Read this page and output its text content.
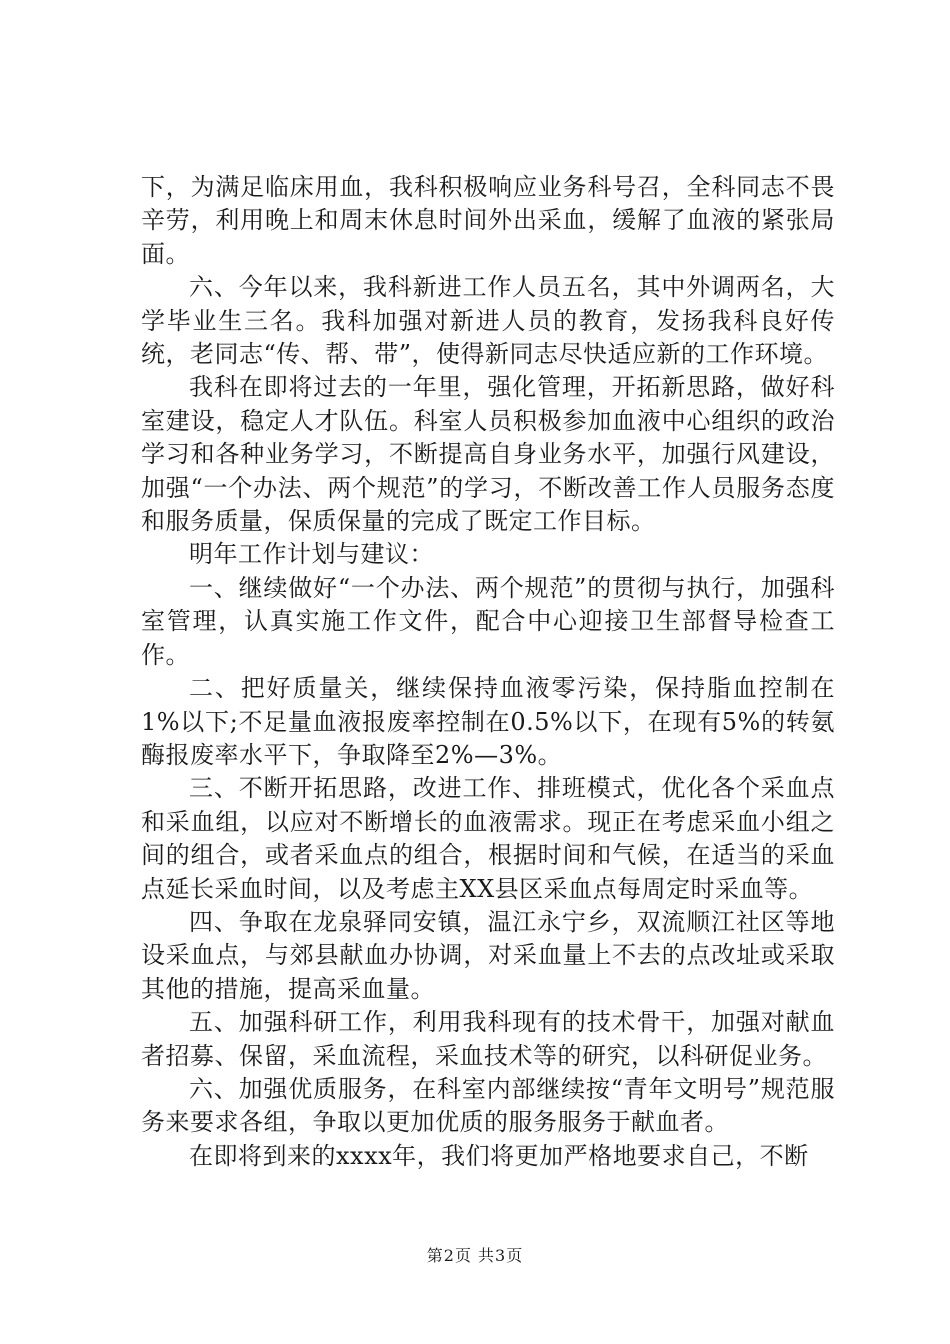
下，为满足临床用血，我科积极响应业务科号召，全科同志不畏辛劳，利用晚上和周末休息时间外出采血，缓解了血液的紧张局面。

六、今年以来，我科新进工作人员五名，其中外调两名，大学毕业生三名。我科加强对新进人员的教育，发扬我科良好传统，老同志“传、帮、带”，使得新同志尽快适应新的工作环境。

我科在即将过去的一年里，强化管理，开拓新思路，做好科室建设，稳定人才队伍。科室人员积极参加血液中心组织的政治学习和各种业务学习，不断提高自身业务水平，加强行风建设，加强“一个办法、两个规范”的学习，不断改善工作人员服务态度和服务质量，保质保量的完成了既定工作目标。

明年工作计划与建议：

一、继续做好“一个办法、两个规范”的贯彻与执行，加强科室管理，认真实施工作文件，配合中心迎接卫生部督导检查工作。

二、把好质量关，继续保持血液零污染，保持脂血控制在1%以下;不足量血液报废率控制在0.5%以下，在现有5%的转氨酶报废率水平下，争取降至2%—3%。

三、不断开拓思路，改进工作、排班模式，优化各个采血点和采血组，以应对不断增长的血液需求。现正在考虑采血小组之间的组合，或者采血点的组合，根据时间和气候，在适当的采血点延长采血时间，以及考虑主XX县区采血点每周定时采血等。

四、争取在龙泉驿同安镇，温江永宁乡，双流顺江社区等地设采血点，与郊县献血办协调，对采血量上不去的点改址或采取其他的措施，提高采血量。

五、加强科研工作，利用我科现有的技术骨干，加强对献血者招募、保留，采血流程，采血技术等的研究，以科研促业务。

六、加强优质服务，在科室内部继续按“青年文明号”规范服务来要求各组，争取以更加优质的服务服务于献血者。

在即将到来的xxxx年，我们将更加严格地要求自己，不断

第2页 共3页
